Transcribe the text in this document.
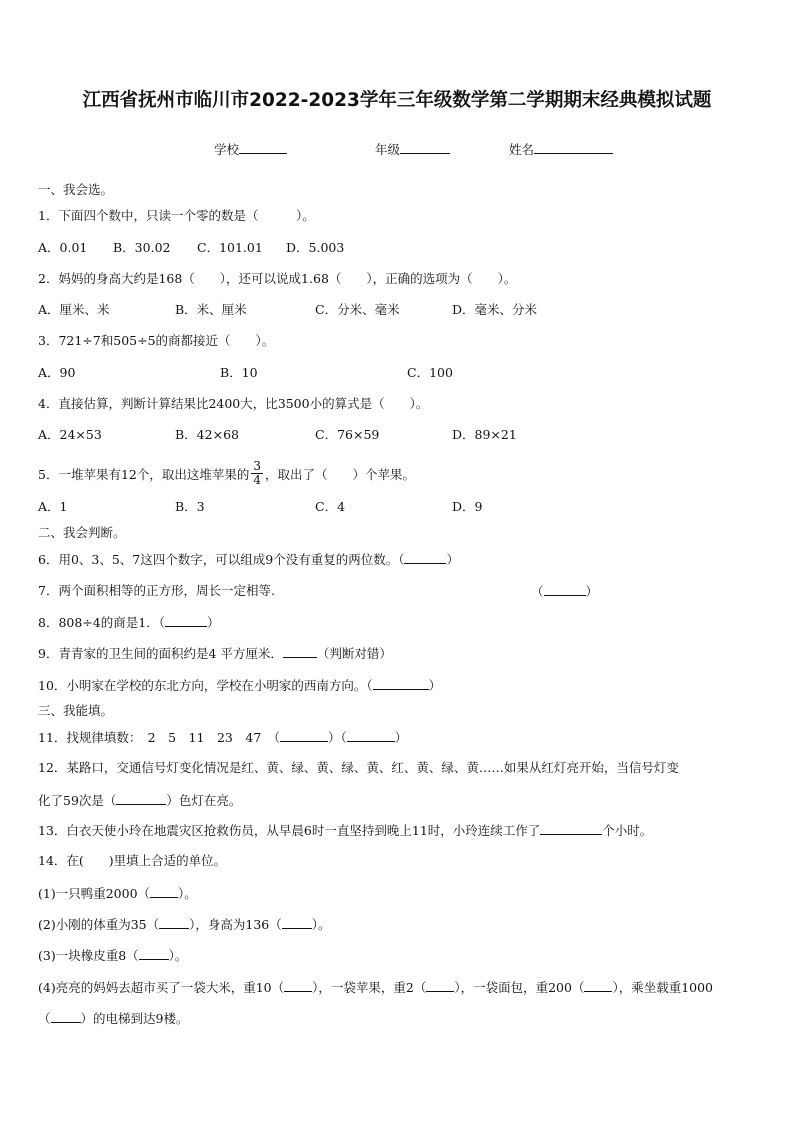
江西省抚州市临川市2022-2023学年三年级数学第二学期期末经典模拟试题
学校	年级	姓名
一、我会选。
1．下面四个数中，只读一个零的数是（　　　）。
A．0.01 B．30.02 C．101.01 D．5.003
2．妈妈的身高大约是168（　　），还可以说成1.68（　　），正确的选项为（　　）。
A．厘米、米	B．米、厘米	C．分米、毫米	D．毫米、分米
3．721÷7和505÷5的商都接近（　　）。
A．90	B．10	C．100
4．直接估算，判断计算结果比2400大，比3500小的算式是（　　）。
A．24×53	B．42×68	C．76×59	D．89×21
5．一堆苹果有12个，取出这堆苹果的 $\frac{3}{4}$ ，取出了（　　）个苹果。
A．1	B．3	C．4	D．9
二、我会判断。
6．用0、3、5、7这四个数字，可以组成9个没有重复的两位数。（	）
7．两个面积相等的正方形，周长一定相等.	（	）
8．808÷4的商是1．（	）
9．青青家的卫生间的面积约是4 平方厘米．	（判断对错）
10．小明家在学校的东北方向，学校在小明家的西南方向。（	）
三、我能填。
11．找规律填数：　2　5　11　23　47　（	）（	）
12．某路口，交通信号灯变化情况是红、黄、绿、黄、绿、黄、红、黄、绿、黄……如果从红灯亮开始，当信号灯变
化了59次是（	）色灯在亮。
13．白衣天使小玲在地震灾区抢救伤员，从早晨6时一直坚持到晚上11时，小玲连续工作了	个小时。
14．在(　　)里填上合适的单位。
(1)一只鸭重2000（ ）。
(2)小刚的体重为35（ ），身高为136（ ）。
(3)一块橡皮重8（ ）。
(4)亮亮的妈妈去超市买了一袋大米，重10（ ），一袋苹果，重2（ ），一袋面包，重200（ ），乘坐载重1000
（ ）的电梯到达9楼。
